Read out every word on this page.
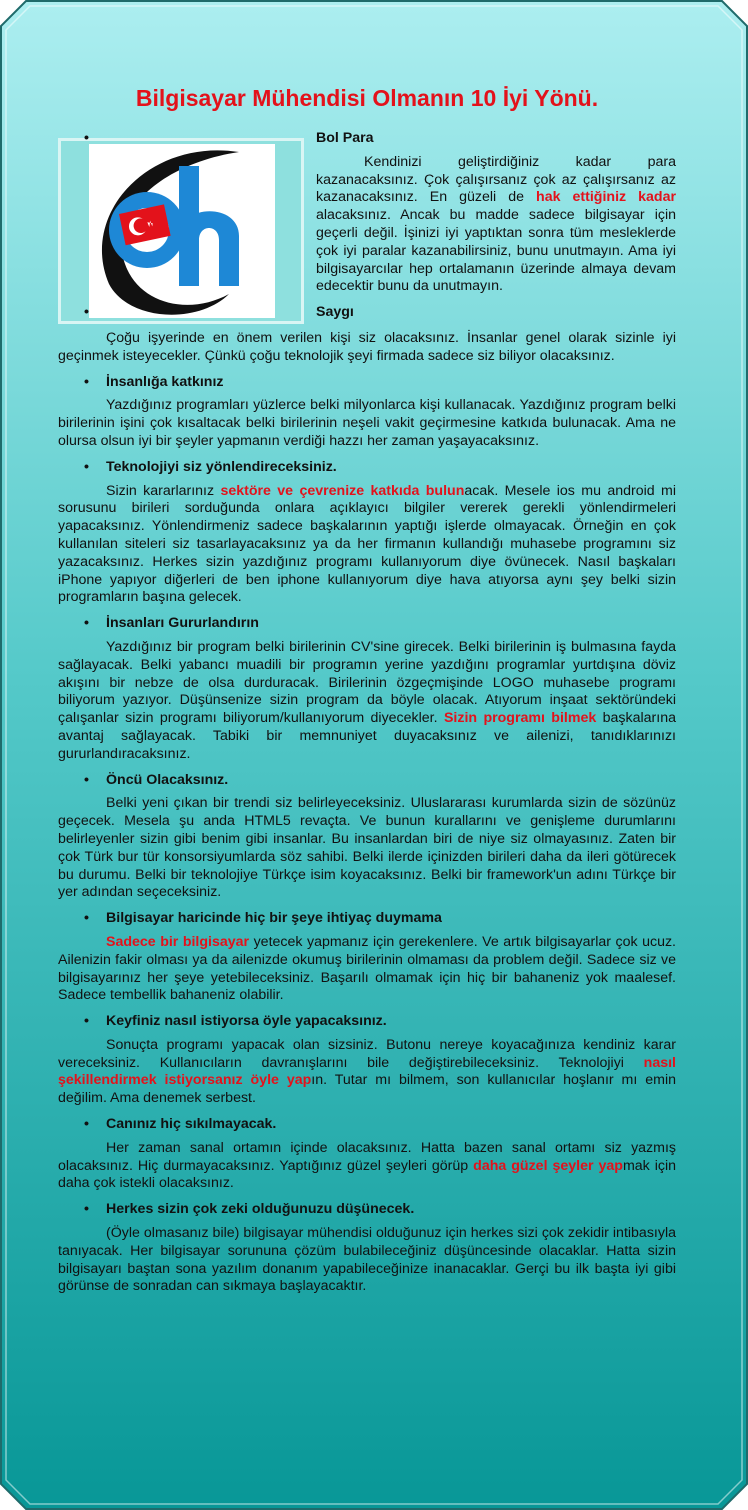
Bilgisayar Mühendisi Olmanın 10 İyi Yönü.
• Bol Para

Kendinizi geliştirdiğiniz kadar para kazanacaksınız. Çok çalışırsanız çok az çalışırsanız az kazanacaksınız. En güzeli de hak ettiğiniz kadar alacaksınız. Ancak bu madde sadece bilgisayar için geçerli değil. İşinizi iyi yaptıktan sonra tüm mesleklerde çok iyi paralar kazanabilirsiniz, bunu unutmayın. Ama iyi bilgisayarcılar hep ortalamanın üzerinde almaya devam edecektir bunu da unutmayın.

• Saygı

Çoğu işyerinde en önem verilen kişi siz olacaksınız. İnsanlar genel olarak sizinle iyi geçinmek isteyecekler. Çünkü çoğu teknolojik şeyi firmada sadece siz biliyor olacaksınız.

• İnsanlığa katkınız

Yazdığınız programları yüzlerce belki milyonlarca kişi kullanacak. Yazdığınız program belki birilerinin işini çok kısaltacak belki birilerinin neşeli vakit geçirmesine katkıda bulunacak. Ama ne olursa olsun iyi bir şeyler yapmanın verdiği hazzı her zaman yaşayacaksınız.

• Teknolojiyi siz yönlendireceksiniz.

Sizin kararlarınız sektöre ve çevrenize katkıda bulunacak. Mesele ios mu android mi sorusunu birileri sorduğunda onlara açıklayıcı bilgiler vererek gerekli yönlendirmeleri yapacaksınız. Yönlendirmeniz sadece başkalarının yaptığı işlerde olmayacak. Örneğin en çok kullanılan siteleri siz tasarlayacaksınız ya da her firmanın kullandığı muhasebe programını siz yazacaksınız. Herkes sizin yazdığınız programı kullanıyorum diye övünecek. Nasıl başkaları iPhone yapıyor diğerleri de ben iphone kullanıyorum diye hava atıyorsa aynı şey belki sizin programların başına gelecek.

• İnsanları Gururlandırın

Yazdığınız bir program belki birilerinin CV'sine girecek. Belki birilerinin iş bulmasına fayda sağlayacak. Belki yabancı muadili bir programın yerine yazdığını programlar yurtdışına döviz akışını bir nebze de olsa durduracak. Birilerinin özgeçmişinde LOGO muhasebe programı biliyorum yazıyor. Düşünsenize sizin program da böyle olacak. Atıyorum inşaat sektöründeki çalışanlar sizin programı biliyorum/kullanıyorum diyecekler. Sizin programı bilmek başkalarına avantaj sağlayacak. Tabiki bir memnuniyet duyacaksınız ve ailenizi, tanıdıklarınızı gururlandıracaksınız.

• Öncü Olacaksınız.

Belki yeni çıkan bir trendi siz belirleyeceksiniz. Uluslararası kurumlarda sizin de sözünüz geçecek. Mesela şu anda HTML5 revaçta. Ve bunun kurallarını ve genişleme durumlarını belirleyenler sizin gibi benim gibi insanlar. Bu insanlardan biri de niye siz olmayasınız. Zaten bir çok Türk bur tür konsorsiyumlarda söz sahibi. Belki ilerde içinizden birileri daha da ileri götürecek bu durumu. Belki bir teknolojiye Türkçe isim koyacaksınız. Belki bir framework'un adını Türkçe bir yer adından seçeceksiniz.

• Bilgisayar haricinde hiç bir şeye ihtiyaç duymama

Sadece bir bilgisayar yetecek yapmanız için gerekenlere. Ve artık bilgisayarlar çok ucuz. Ailenizin fakir olması ya da ailenizde okumuş birilerinin olmaması da problem değil. Sadece siz ve bilgisayarınız her şeye yetebileceksiniz. Başarılı olmamak için hiç bir bahaneniz yok maalesef. Sadece tembellik bahaneniz olabilir.

• Keyfiniz nasıl istiyorsa öyle yapacaksınız.

Sonuçta programı yapacak olan sizsiniz. Butonu nereye koyacağınıza kendiniz karar vereceksiniz. Kullanıcıların davranışlarını bile değiştirebileceksiniz. Teknolojiyi nasıl şekillendirmek istiyorsanız öyle yapın. Tutar mı bilmem, son kullanıcılar hoşlanır mı emin değilim. Ama denemek serbest.

• Canınız hiç sıkılmayacak.

Her zaman sanal ortamın içinde olacaksınız. Hatta bazen sanal ortamı siz yazmış olacaksınız. Hiç durmayacaksınız. Yaptığınız güzel şeyleri görüp daha güzel şeyler yapmak için daha çok istekli olacaksınız.

• Herkes sizin çok zeki olduğunuzu düşünecek.

(Öyle olmasanız bile) bilgisayar mühendisi olduğunuz için herkes sizi çok zekidir intibasıyla tanıyacak. Her bilgisayar sorununa çözüm bulabileceğiniz düşüncesinde olacaklar. Hatta sizin bilgisayarı baştan sona yazılım donanım yapabileceğinize inanacaklar. Gerçi bu ilk başta iyi gibi görünse de sonradan can sıkmaya başlayacaktır.
